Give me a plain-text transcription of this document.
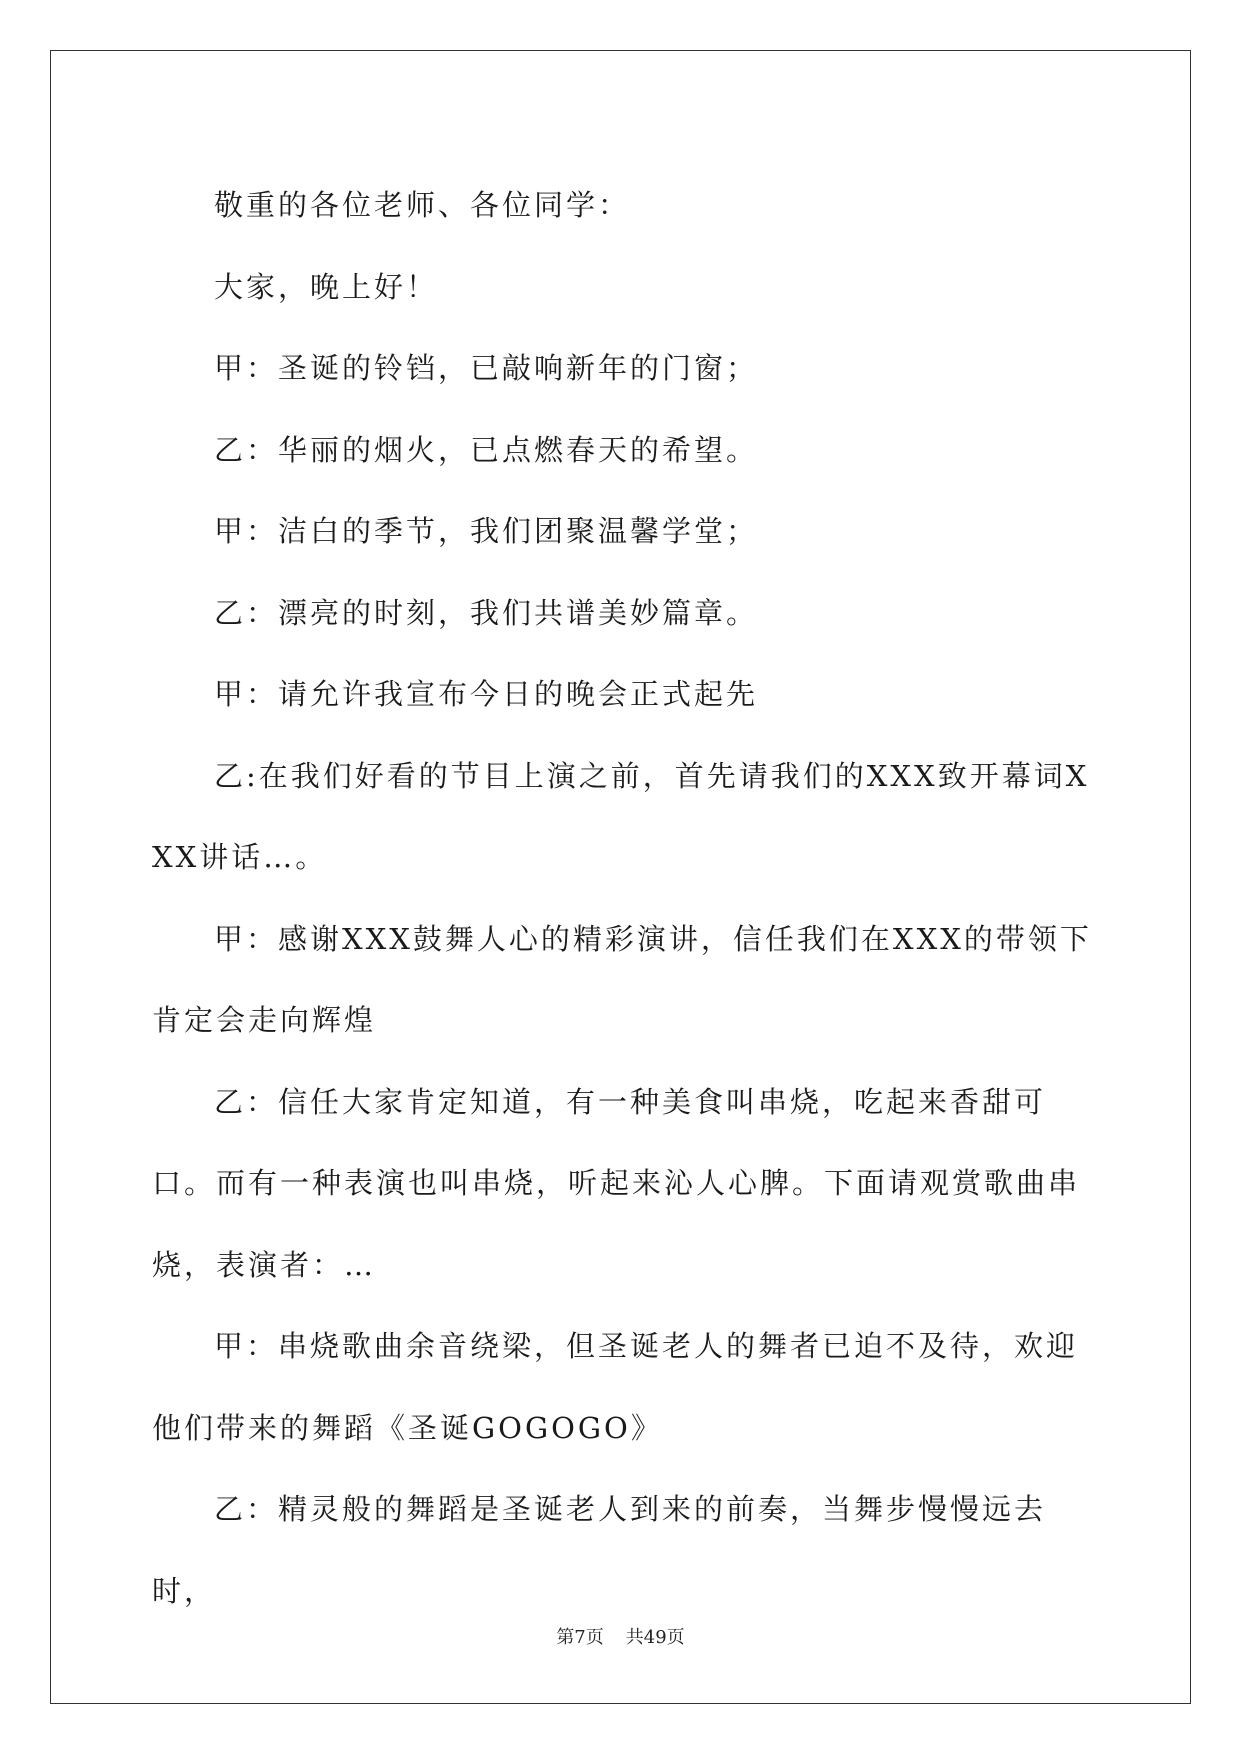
敬重的各位老师、各位同学：

大家，晚上好！

甲：圣诞的铃铛，已敲响新年的门窗；

乙：华丽的烟火，已点燃春天的希望。

甲：洁白的季节，我们团聚温馨学堂；

乙：漂亮的时刻，我们共谱美妙篇章。

甲：请允许我宣布今日的晚会正式起先

乙:在我们好看的节目上演之前，首先请我们的XXX致开幕词XXX讲话…。

甲：感谢XXX鼓舞人心的精彩演讲，信任我们在XXX的带领下肯定会走向辉煌

乙：信任大家肯定知道，有一种美食叫串烧，吃起来香甜可口。而有一种表演也叫串烧，听起来沁人心脾。下面请观赏歌曲串烧，表演者：…

甲：串烧歌曲余音绕梁，但圣诞老人的舞者已迫不及待，欢迎他们带来的舞蹈《圣诞GOGOGO》

乙：精灵般的舞蹈是圣诞老人到来的前奏，当舞步慢慢远去时，

第7页 共49页
